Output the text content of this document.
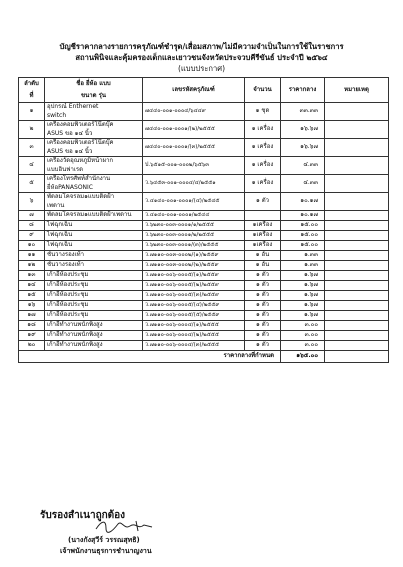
บัญชีราคากลางรายการครุภัณฑ์ชำรุด/เสื่อมสภาพ/ไม่มีความจำเป็นในการใช้ในราชการ
สถานพินิจและคุ้มครองเด็กและเยาวชนจังหวัดประจวบคีรีขันธ์ ประจำปี ๒๕๖๔
(แบบประกาศ)
ลำดับ	ชื่อ ยี่ห้อ แบบ	เลขรหัสครุภัณฑ์	จำนวน	ราคากลาง	หมายเหตุ
ที่	ขนาด รุ่น				
๑	อุปกรณ์ Enthernet
switch	๗๔๔๐-๐๐๑-๐๐๐๔/๖๔๔๙	๑ ชุด	๓๓.๓๓	
๒	เครื่องคอมพิวเตอร์โน๊ตบุ๊ค
ASUS ขอ ๑๔ นิ้ว	๗๔๔๐-๐๐๑-๐๐๐๑/(๒)/๒๕๕๕	๑ เครื่อง	๑๖.๖๗	
๓	เครื่องคอมพิวเตอร์โน๊ตบุ๊ค
ASUS ขอ ๑๔ นิ้ว	๗๔๔๐-๐๐๑-๐๐๐๑/(๓)/๒๕๕๕	๑ เครื่อง	๑๖.๖๗	
๔	เครื่องวัดอุณหภูมิหน้าผาก
แบบอินฟาเรด	ป.๖๕๑๕-๐๐๑-๐๐๐๒/๖๕๖๓	๑ เครื่อง	๔.๓๓	
๕	เครื่องโทรศัพท์สำนักงาน
ยี่ห้อPANASONIC	ว.๖๔๕๓-๐๐๑-๐๐๐๔/๔/๒๕๕๑	๑ เครื่อง	๔.๓๓	
๖	พัดลมโคจรลม๑แบบติดฝ้า
เพดาน	ว.๔๑๔๐-๐๐๑-๐๐๐๑/(๔)/๒๕๔๕	๑ ตัว	๑๐.๑๗	
๗	พัดลมโคจรลม๑แบบติดฝ้าเพดาน	ว.๔๑๔๐-๐๐๑-๐๐๐๑/๒๕๔๔		๑๐.๑๗	
๘	ไฟฉุกเฉิน	ว.๖๒๓๐-๐๐๓-๐๐๐๑/๑/๒๕๕๕	๑เครื่อง	๑๕.๐๐	
๙	ไฟฉุกเฉิน	ว.๖๒๓๐-๐๐๓-๐๐๐๑/๒/๒๕๕๕	๑เครื่อง	๑๕.๐๐	
๑๐	ไฟฉุกเฉิน	ว.๖๒๓๐-๐๐๓-๐๐๐๑/(๓)/๒๕๕๕	๑เครื่อง	๑๕.๐๐	
๑๑	ชั้นวางรองเท้า	ว.๗๑๑๐-๐๐๓-๐๐๐๒/(๑)/๒๕๕๙	๑ อัน	๑.๓๓	
๑๒	ชั้นวางรองเท้า	ว.๗๑๑๐-๐๐๓-๐๐๐๒/(๒)/๒๕๕๙	๑ อัน	๑.๓๓	
๑๓	เก้าอี้ห้องประชุม	ว.๗๑๑๐-๐๐๖-๐๐๐๕/(๑)/๒๕๕๙	๑ ตัว	๑.๖๗	
๑๔	เก้าอี้ห้องประชุม	ว.๗๑๑๐-๐๐๖-๐๐๐๕/(๒)/๒๕๕๙	๑ ตัว	๑.๖๗	
๑๕	เก้าอี้ห้องประชุม	ว.๗๑๑๐-๐๐๖-๐๐๐๕/(๓)/๒๕๕๙	๑ ตัว	๑.๖๗	
๑๖	เก้าอี้ห้องประชุม	ว.๗๑๑๐-๐๐๖-๐๐๐๕/(๔)/๒๕๕๙	๑ ตัว	๑.๖๗	
๑๗	เก้าอี้ห้องประชุม	ว.๗๑๑๐-๐๐๖-๐๐๐๕/(๕)/๒๕๕๙	๑ ตัว	๑.๖๗	
๑๘	เก้าอี้ทำงานพนักพิงสูง	ว.๗๑๑๐-๐๐๖-๐๐๐๔/(๑)/๒๕๕๕	๑ ตัว	๓.๐๐	
๑๙	เก้าอี้ทำงานพนักพิงสูง	ว.๗๑๑๐-๐๐๖-๐๐๐๔/(๒)/๒๕๕๕	๑ ตัว	๓.๐๐	
๒๐	เก้าอี้ทำงานพนักพิงสูง	ว.๗๑๑๐-๐๐๖-๐๐๐๔/(๓)/๒๕๕๕	๑ ตัว	๓.๐๐	
ราคากลางที่กำหนด				๑๖๕.๐๐	
รับรองสำเนาถูกต้อง
(นางกังสุวีร์ วรรณสุทธิ)
เจ้าพนักงานธุรการชำนาญงาน
